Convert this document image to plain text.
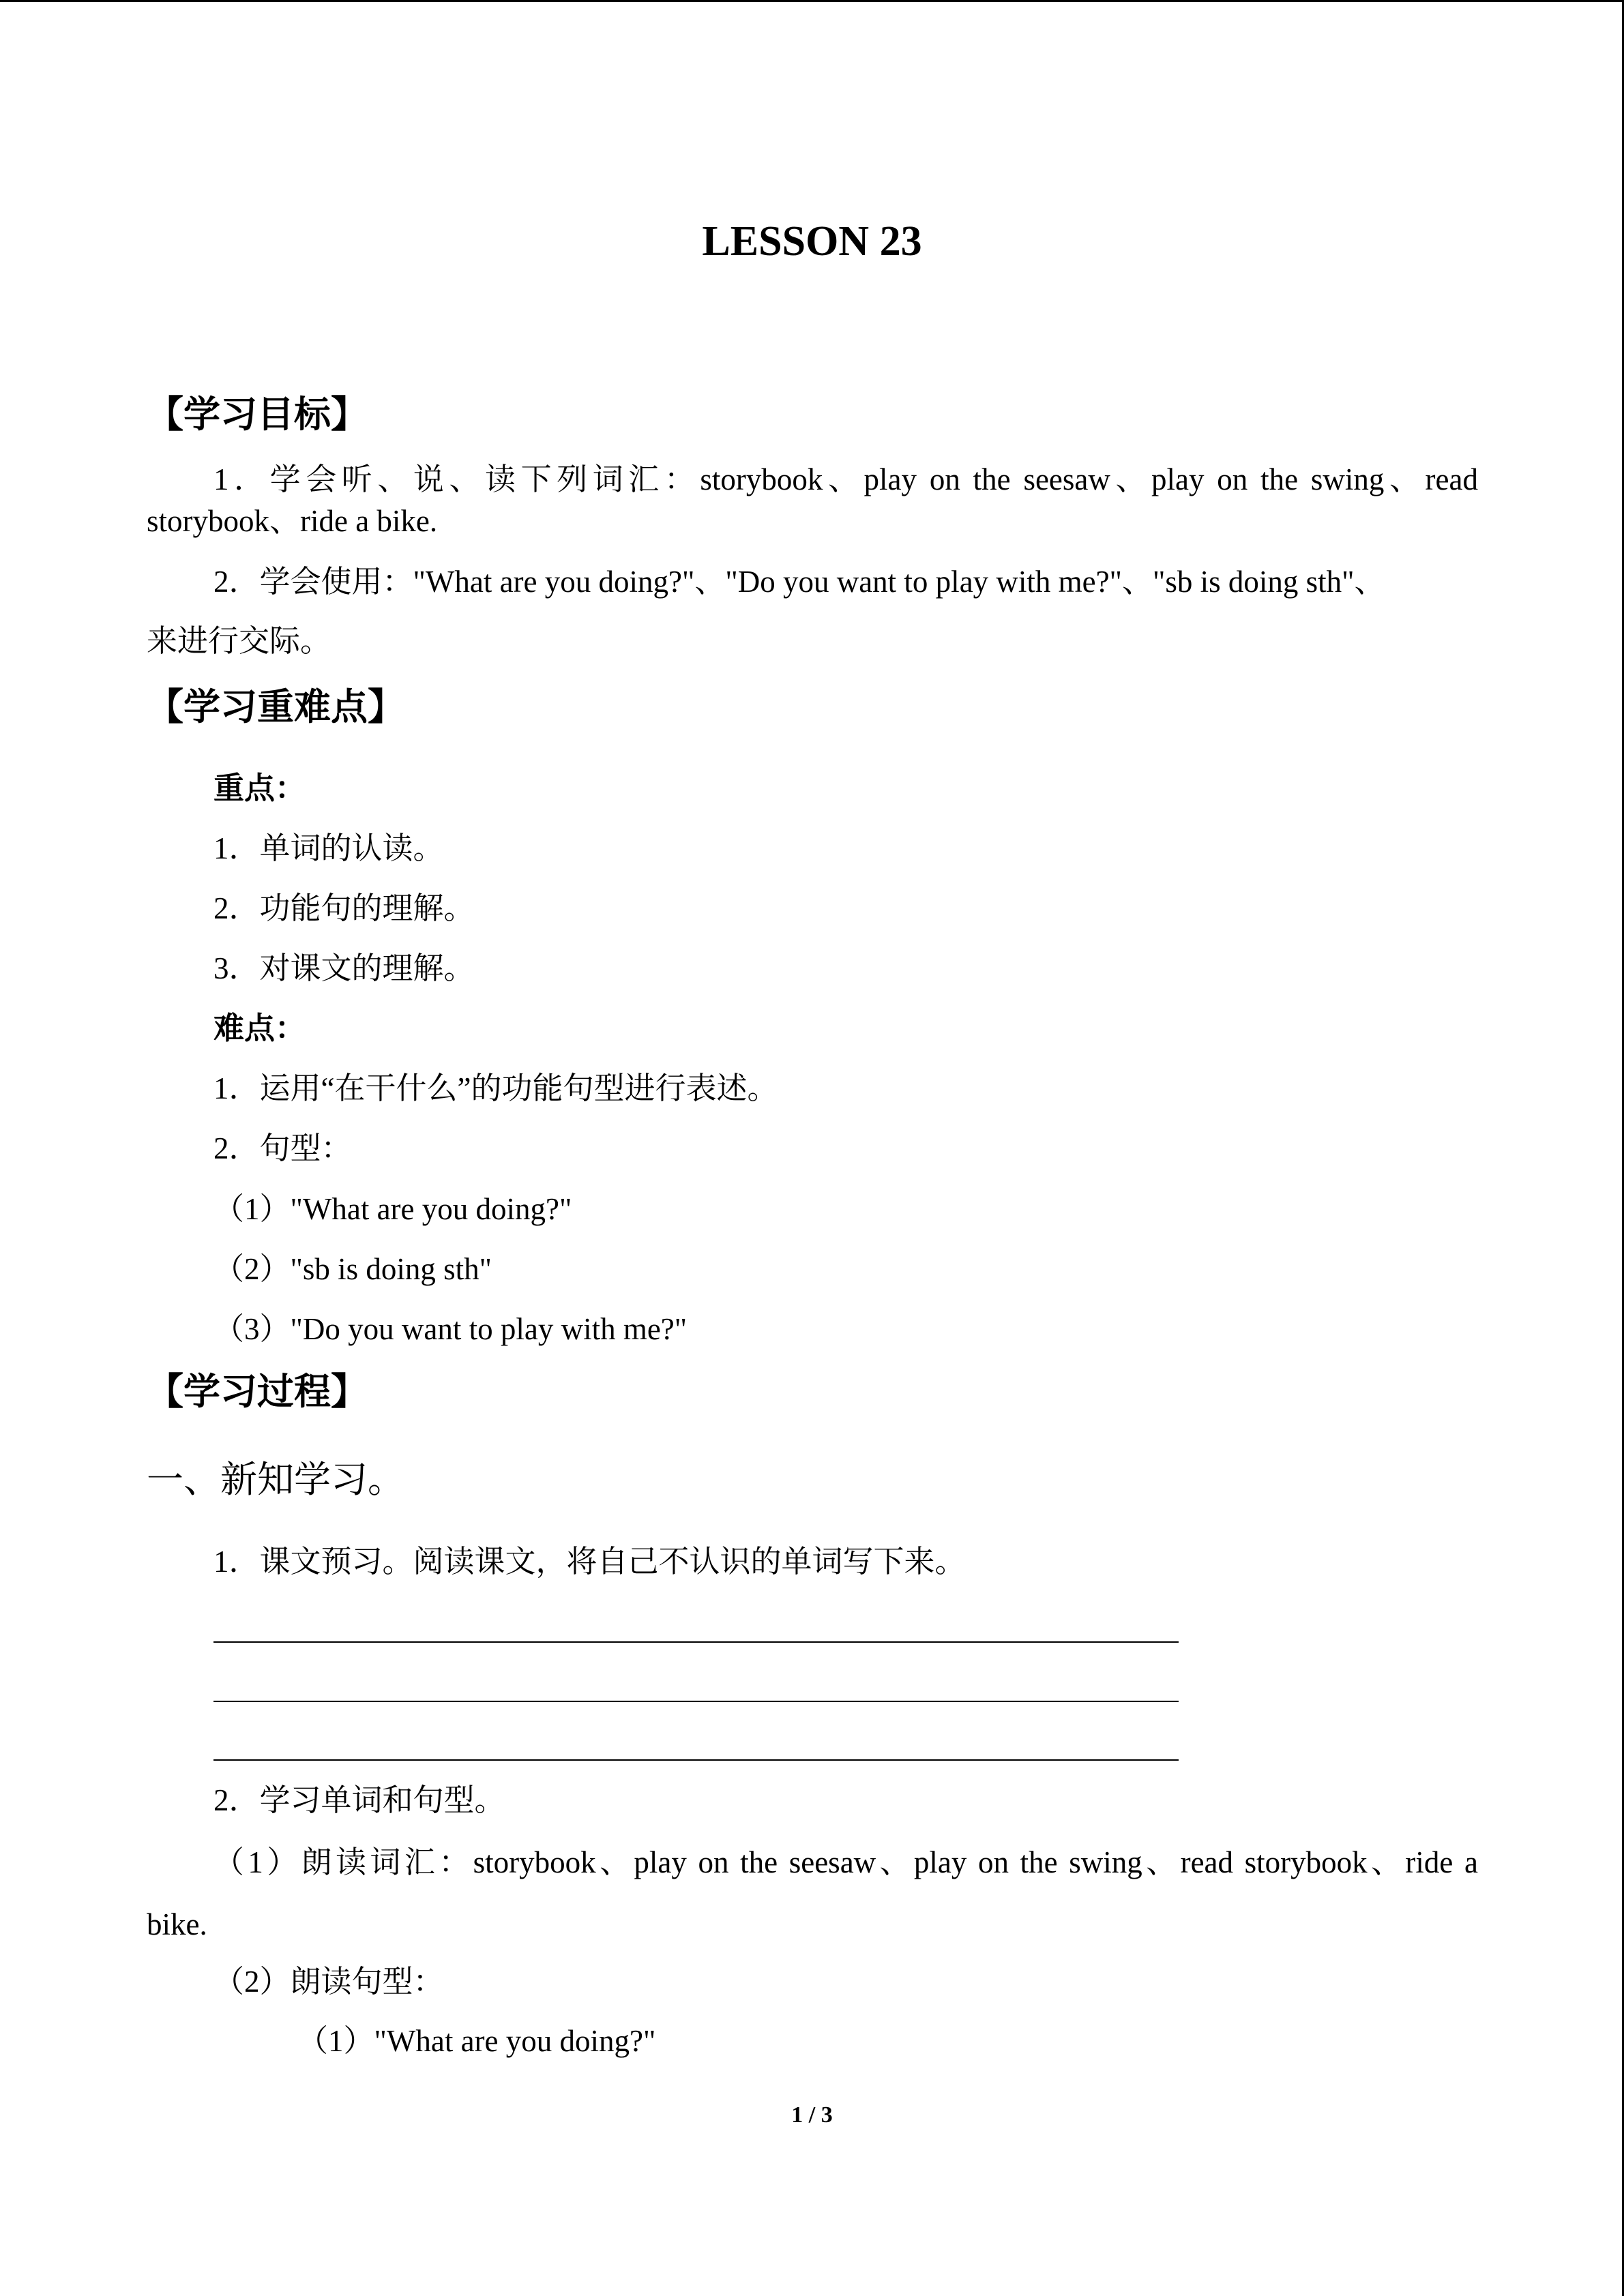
LESSON 23
【学习目标】
1．学会听、说、读下列词汇：storybook、play on the seesaw、play on the swing、read
storybook、ride a bike.
2．学会使用："What are you doing?"、"Do you want to play with me?"、"sb is doing sth"、
来进行交际。
【学习重难点】
重点：
1．单词的认读。
2．功能句的理解。
3．对课文的理解。
难点：
1．运用“在干什么”的功能句型进行表述。
2．句型：
（1）"What are you doing?"
（2）"sb is doing sth"
（3）"Do you want to play with me?"
【学习过程】
一、新知学习。
1．课文预习。阅读课文，将自己不认识的单词写下来。
2．学习单词和句型。
（1）朗读词汇：storybook、play on the seesaw、play on the swing、read storybook、ride a
bike.
（2）朗读句型：
（1）"What are you doing?"
1 / 3
